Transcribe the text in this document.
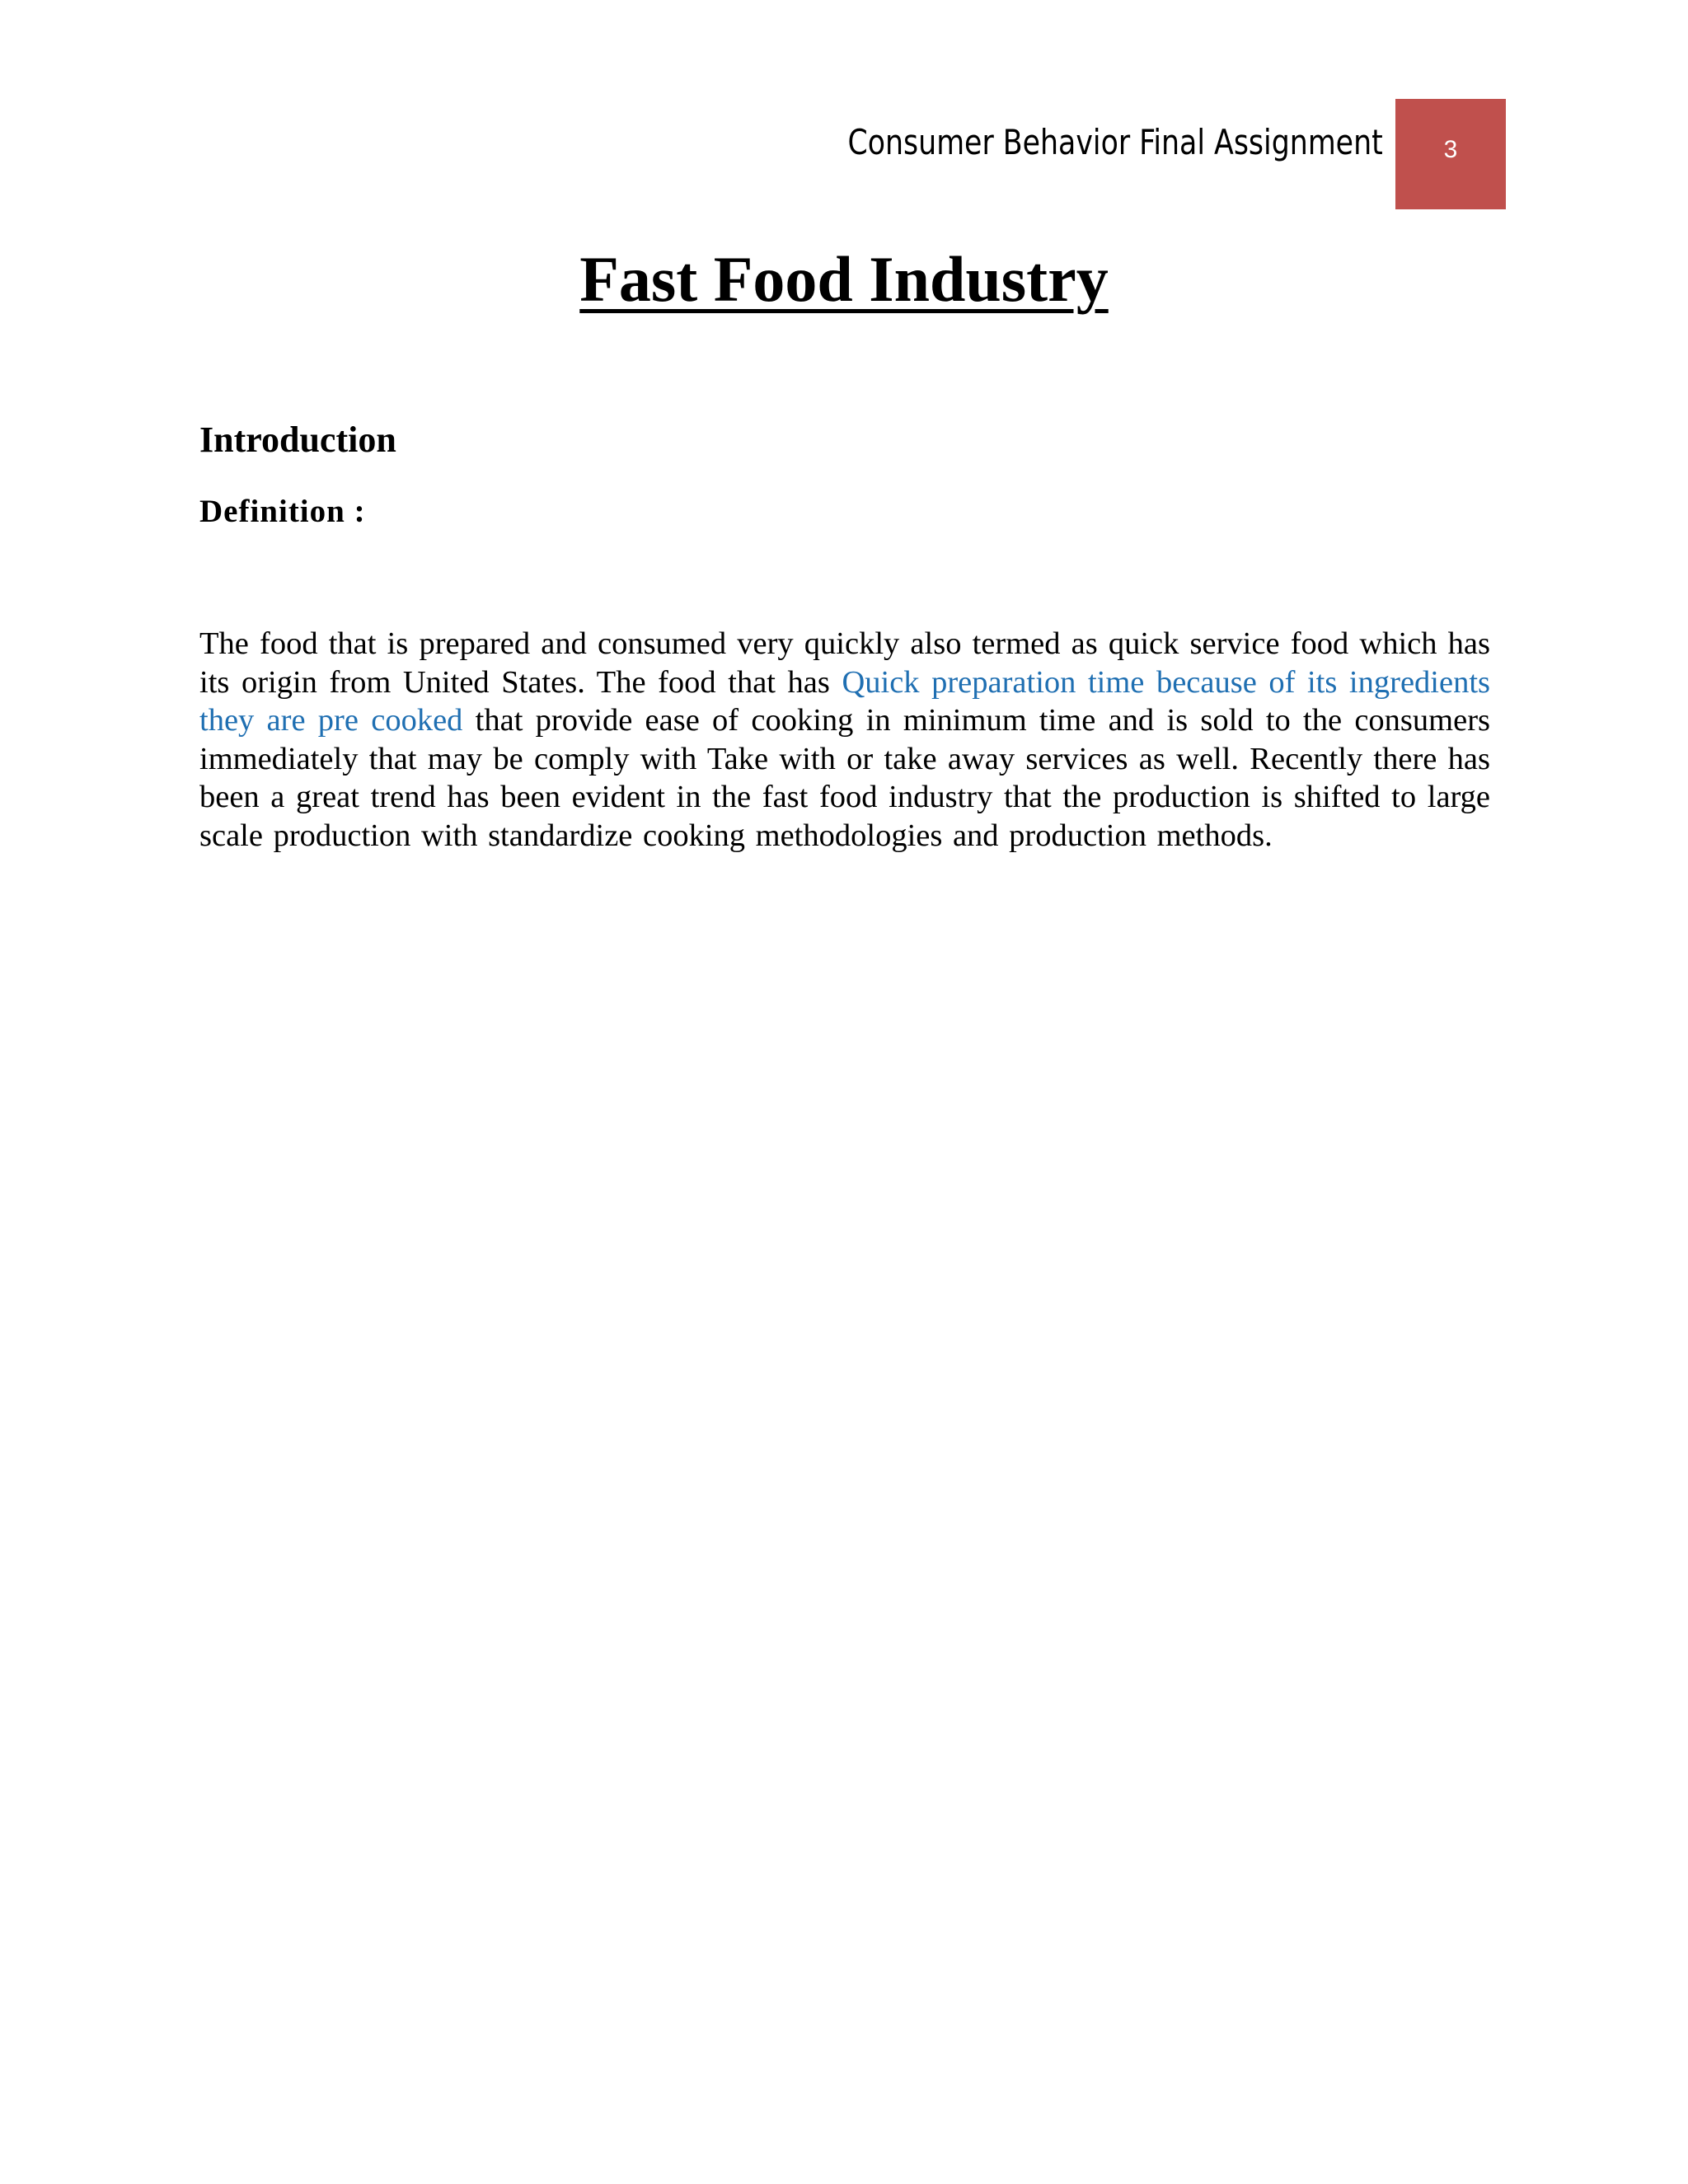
Consumer Behavior Final Assignment 3
Fast Food Industry
Introduction
Definition :

The food that is prepared and consumed very quickly also termed as quick service food which has its origin from United States. The food that has Quick preparation time because of its ingredients they are pre cooked that provide ease of cooking in minimum time and is sold to the consumers immediately that may be comply with Take with or take away services as well. Recently there has been a great trend has been evident in the fast food industry that the production is shifted to large scale production with standardize cooking methodologies and production methods.
